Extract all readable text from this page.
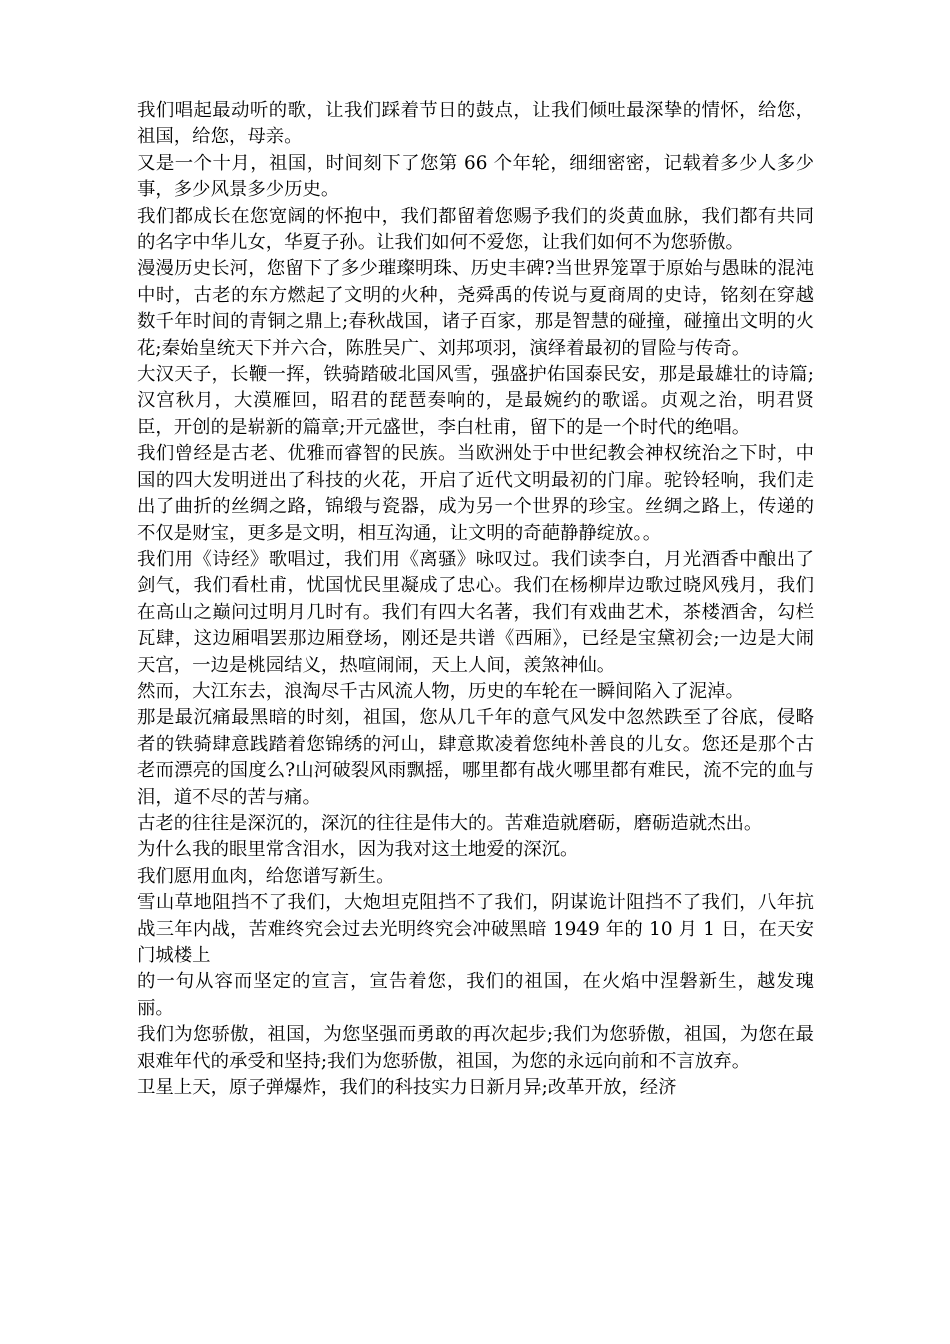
我们唱起最动听的歌，让我们踩着节日的鼓点，让我们倾吐最深挚的情怀，给您，祖国，给您，母亲。

又是一个十月，祖国，时间刻下了您第 66 个年轮，细细密密，记载着多少人多少事，多少风景多少历史。

我们都成长在您宽阔的怀抱中，我们都留着您赐予我们的炎黄血脉，我们都有共同的名字中华儿女，华夏子孙。让我们如何不爱您，让我们如何不为您骄傲。

漫漫历史长河，您留下了多少璀璨明珠、历史丰碑?当世界笼罩于原始与愚昧的混沌中时，古老的东方燃起了文明的火种，尧舜禹的传说与夏商周的史诗，铭刻在穿越数千年时间的青铜之鼎上;春秋战国，诸子百家，那是智慧的碰撞，碰撞出文明的火花;秦始皇统天下并六合，陈胜吴广、刘邦项羽，演绎着最初的冒险与传奇。

大汉天子，长鞭一挥，铁骑踏破北国风雪，强盛护佑国泰民安，那是最雄壮的诗篇;汉宫秋月，大漠雁回，昭君的琵琶奏响的，是最婉约的歌谣。贞观之治，明君贤臣，开创的是崭新的篇章;开元盛世，李白杜甫，留下的是一个时代的绝唱。

我们曾经是古老、优雅而睿智的民族。当欧洲处于中世纪教会神权统治之下时，中国的四大发明迸出了科技的火花，开启了近代文明最初的门扉。驼铃轻响，我们走出了曲折的丝绸之路，锦缎与瓷器，成为另一个世界的珍宝。丝绸之路上，传递的不仅是财宝，更多是文明，相互沟通，让文明的奇葩静静绽放。。

我们用《诗经》歌唱过，我们用《离骚》咏叹过。我们读李白，月光酒香中酿出了剑气，我们看杜甫，忧国忧民里凝成了忠心。我们在杨柳岸边歌过晓风残月，我们在高山之巅问过明月几时有。我们有四大名著，我们有戏曲艺术，茶楼酒舍，勾栏瓦肆，这边厢唱罢那边厢登场，刚还是共谱《西厢》，已经是宝黛初会;一边是大闹天宫，一边是桃园结义，热喧闹闹，天上人间，羡煞神仙。

然而，大江东去，浪淘尽千古风流人物，历史的车轮在一瞬间陷入了泥淖。

那是最沉痛最黑暗的时刻，祖国，您从几千年的意气风发中忽然跌至了谷底，侵略者的铁骑肆意践踏着您锦绣的河山，肆意欺凌着您纯朴善良的儿女。您还是那个古老而漂亮的国度么?山河破裂风雨飘摇，哪里都有战火哪里都有难民，流不完的血与泪，道不尽的苦与痛。

古老的往往是深沉的，深沉的往往是伟大的。苦难造就磨砺，磨砺造就杰出。

为什么我的眼里常含泪水，因为我对这土地爱的深沉。

我们愿用血肉，给您谱写新生。

雪山草地阻挡不了我们，大炮坦克阻挡不了我们，阴谋诡计阻挡不了我们，八年抗战三年内战，苦难终究会过去光明终究会冲破黑暗 1949 年的 10 月 1 日，在天安门城楼上

的一句从容而坚定的宣言，宣告着您，我们的祖国，在火焰中涅磐新生，越发瑰丽。

我们为您骄傲，祖国，为您坚强而勇敢的再次起步;我们为您骄傲，祖国，为您在最艰难年代的承受和坚持;我们为您骄傲，祖国，为您的永远向前和不言放弃。

卫星上天，原子弹爆炸，我们的科技实力日新月异;改革开放，经济
